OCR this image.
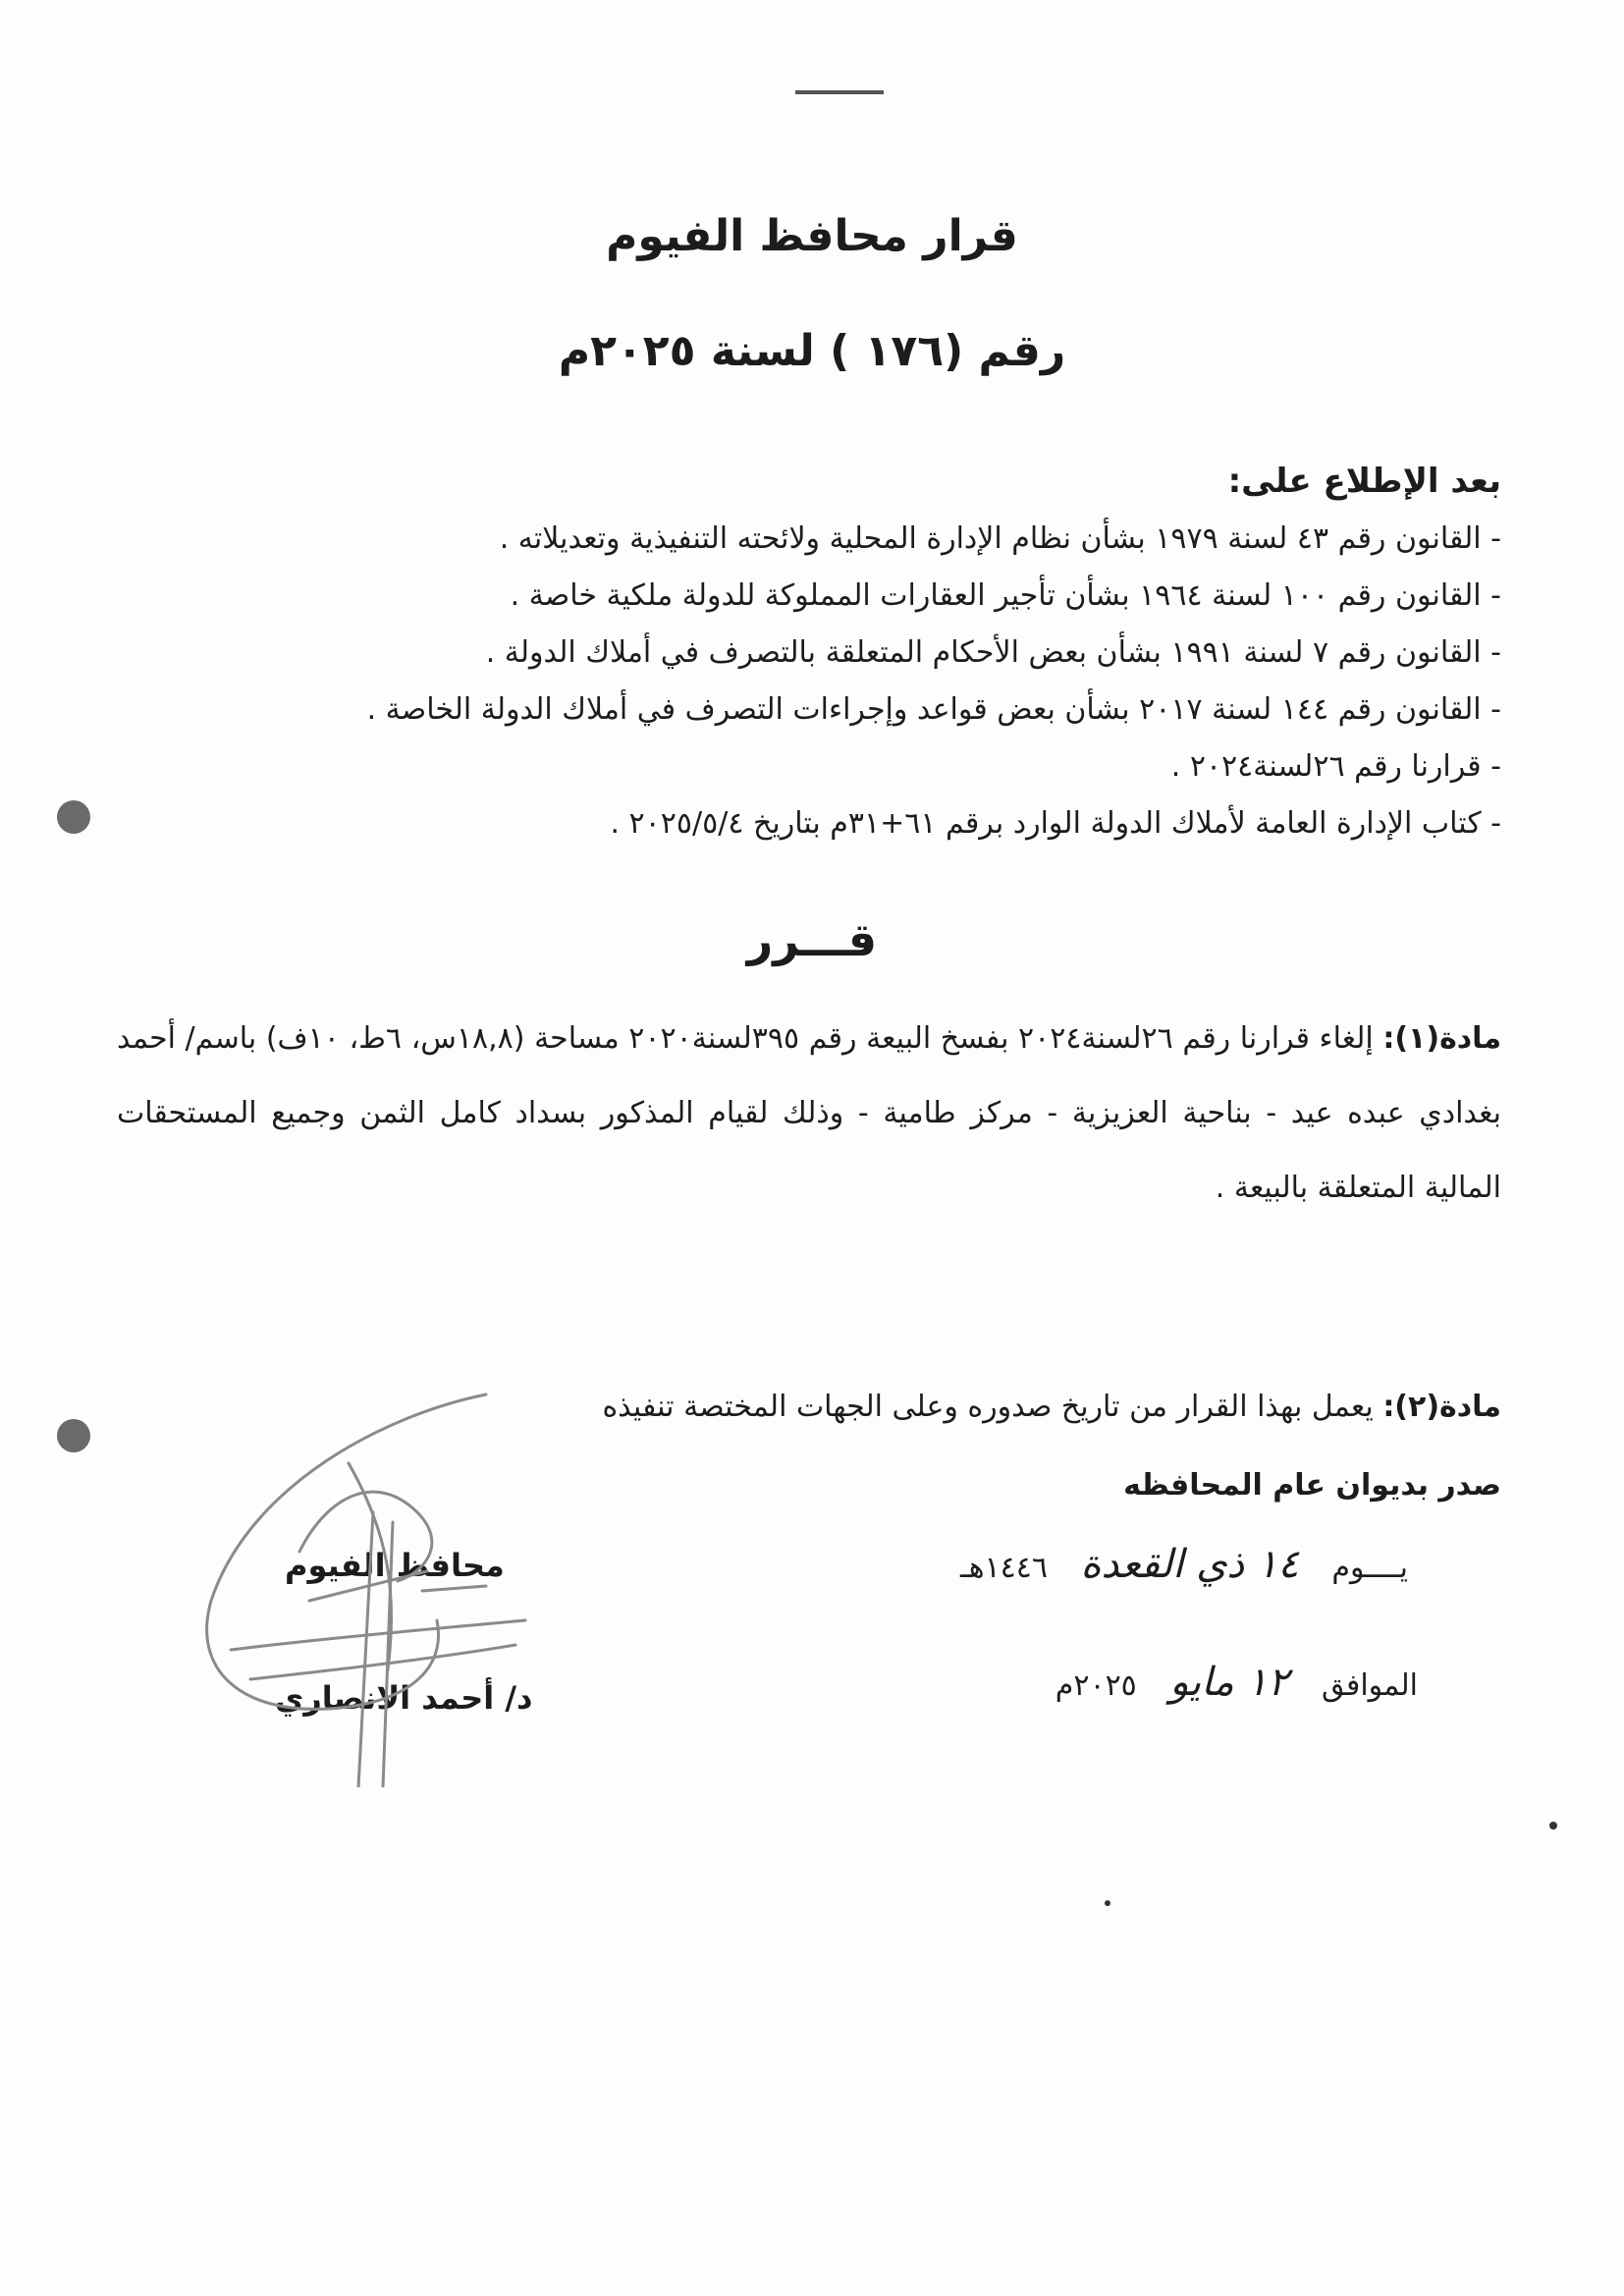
قرار محافظ الفيوم
رقم (١٧٦ ) لسنة ٢٠٢٥م
بعد الإطلاع على:
- القانون رقم ٤٣ لسنة ١٩٧٩ بشأن نظام الإدارة المحلية ولائحته التنفيذية وتعديلاته .
- القانون رقم ١٠٠ لسنة ١٩٦٤ بشأن تأجير العقارات المملوكة للدولة ملكية خاصة .
- القانون رقم ٧ لسنة ١٩٩١ بشأن بعض الأحكام المتعلقة بالتصرف في أملاك الدولة .
- القانون رقم ١٤٤ لسنة ٢٠١٧ بشأن بعض قواعد وإجراءات التصرف في أملاك الدولة الخاصة .
- قرارنا رقم ٢٦لسنة٢٠٢٤ .
- كتاب الإدارة العامة لأملاك الدولة الوارد برقم ٦١+٣١م بتاريخ ٢٠٢٥/٥/٤ .
قـــرر
مادة(١): إلغاء قرارنا رقم ٢٦لسنة٢٠٢٤ بفسخ البيعة رقم ٣٩٥لسنة٢٠٢٠ مساحة (١٨,٨س، ٦ط، ١٠ف) باسم/ أحمد بغدادي عبده عيد - بناحية العزيزية - مركز طامية - وذلك لقيام المذكور بسداد كامل الثمن وجميع المستحقات المالية المتعلقة بالبيعة .
مادة(٢): يعمل بهذا القرار من تاريخ صدوره وعلى الجهات المختصة تنفيذه
صدر بديوان عام المحافظه
يــــوم ١٤ ذي القعدة ١٤٤٦هـ
الموافق ١٢ مايو ٢٠٢٥م
محافظ الفيوم
د/ أحمد الانصاري
